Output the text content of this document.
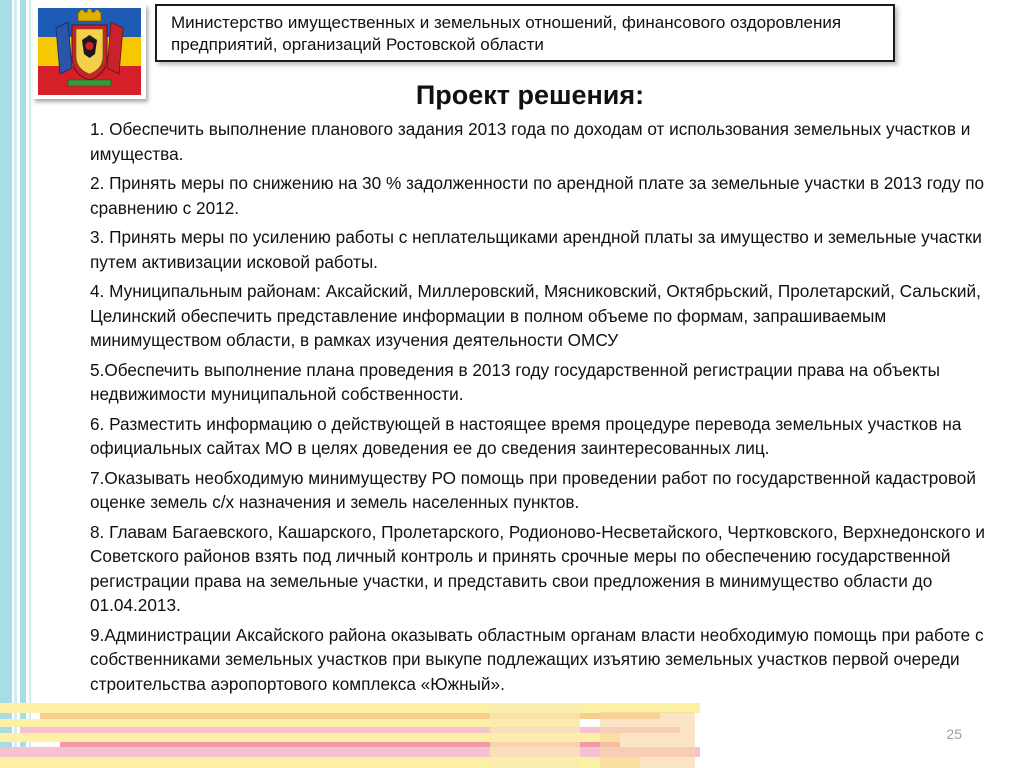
Министерство имущественных и земельных отношений, финансового оздоровления предприятий, организаций Ростовской области
Проект решения:

1. Обеспечить выполнение планового задания 2013 года по доходам от использования земельных участков и имущества.

2. Принять меры по снижению на 30 % задолженности по арендной плате за земельные участки в 2013 году по сравнению с 2012.

3. Принять меры по усилению работы с неплательщиками арендной платы за имущество и земельные участки путем активизации исковой работы.

4. Муниципальным районам: Аксайский, Миллеровский, Мясниковский, Октябрьский, Пролетарский, Сальский, Целинский обеспечить представление информации в полном объеме по формам, запрашиваемым минимуществом области, в рамках изучения деятельности ОМСУ

5.Обеспечить выполнение плана проведения в 2013 году государственной регистрации права на объекты недвижимости муниципальной собственности.

6. Разместить информацию о действующей в настоящее время процедуре перевода земельных участков на официальных сайтах МО в целях доведения ее до сведения заинтересованных лиц.

7.Оказывать необходимую минимуществу РО помощь при проведении работ по государственной кадастровой оценке земель с/х назначения и земель населенных пунктов.

8. Главам Багаевского, Кашарского, Пролетарского, Родионово-Несветайского, Чертковского, Верхнедонского и Советского районов взять под личный контроль и принять срочные меры по обеспечению государственной регистрации права на земельные участки, и представить свои предложения в минимущество области до 01.04.2013.

9.Администрации Аксайского района оказывать областным органам власти необходимую помощь при работе с собственниками земельных участков при выкупе подлежащих изъятию земельных участков первой очереди строительства аэропортового комплекса «Южный».

25
